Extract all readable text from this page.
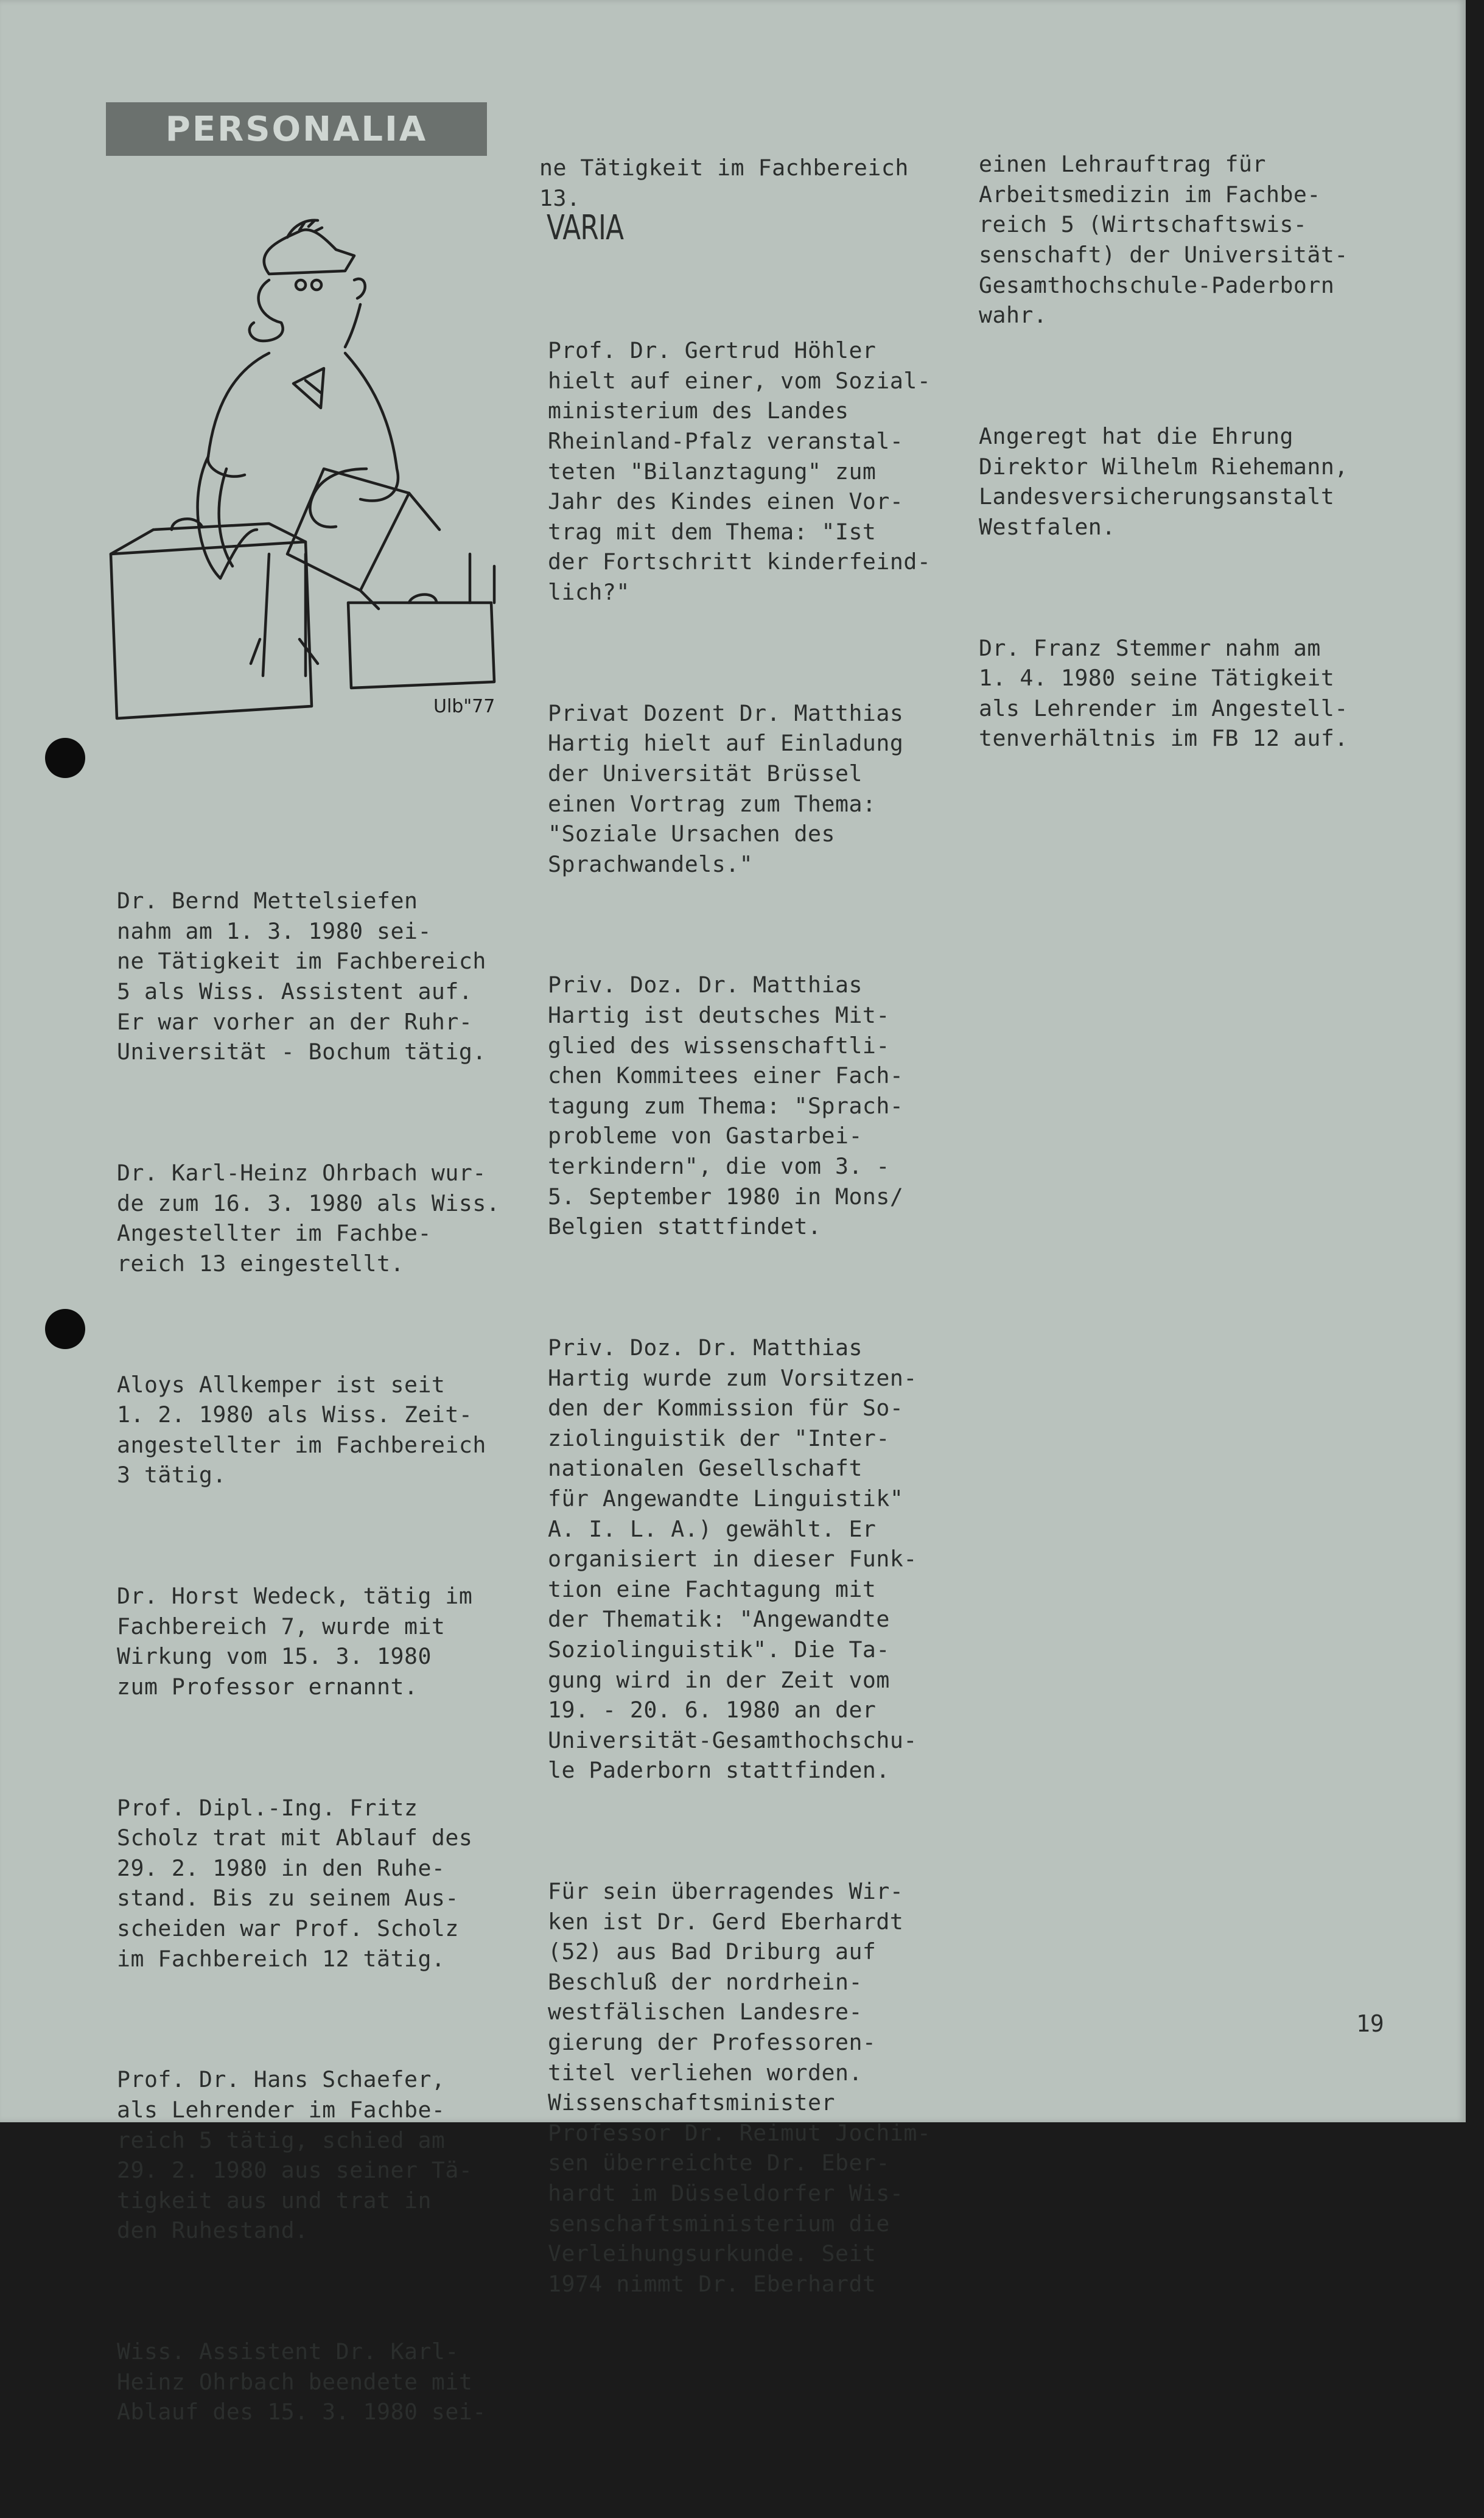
PERSONALIA
Ulb"77

Dr. Bernd Mettelsiefen
nahm am 1. 3. 1980 sei-
ne Tätigkeit im Fachbereich
5 als Wiss. Assistent auf.
Er war vorher an der Ruhr-
Universität - Bochum tätig.

Dr. Karl-Heinz Ohrbach wur-
de zum 16. 3. 1980 als Wiss.
Angestellter im Fachbe-
reich 13 eingestellt.

Aloys Allkemper ist seit
1. 2. 1980 als Wiss. Zeit-
angestellter im Fachbereich
3 tätig.

Dr. Horst Wedeck, tätig im
Fachbereich 7, wurde mit
Wirkung vom 15. 3. 1980
zum Professor ernannt.

Prof. Dipl.-Ing. Fritz
Scholz trat mit Ablauf des
29. 2. 1980 in den Ruhe-
stand. Bis zu seinem Aus-
scheiden war Prof. Scholz
im Fachbereich 12 tätig.

Prof. Dr. Hans Schaefer,
als Lehrender im Fachbe-
reich 5 tätig, schied am
29. 2. 1980 aus seiner Tä-
tigkeit aus und trat in
den Ruhestand.

Wiss. Assistent Dr. Karl-
Heinz Ohrbach beendete mit
Ablauf des 15. 3. 1980 sei-

ne Tätigkeit im Fachbereich
13.

VARIA

Prof. Dr. Gertrud Höhler
hielt auf einer, vom Sozial-
ministerium des Landes
Rheinland-Pfalz veranstal-
teten "Bilanztagung" zum
Jahr des Kindes einen Vor-
trag mit dem Thema: "Ist
der Fortschritt kinderfeind-
lich?"

Privat Dozent Dr. Matthias
Hartig hielt auf Einladung
der Universität Brüssel
einen Vortrag zum Thema:
"Soziale Ursachen des
Sprachwandels."

Priv. Doz. Dr. Matthias
Hartig ist deutsches Mit-
glied des wissenschaftli-
chen Kommitees einer Fach-
tagung zum Thema: "Sprach-
probleme von Gastarbei-
terkindern", die vom 3. -
5. September 1980 in Mons/
Belgien stattfindet.

Priv. Doz. Dr. Matthias
Hartig wurde zum Vorsitzen-
den der Kommission für So-
ziolinguistik der "Inter-
nationalen Gesellschaft
für Angewandte Linguistik"
A. I. L. A.) gewählt. Er
organisiert in dieser Funk-
tion eine Fachtagung mit
der Thematik: "Angewandte
Soziolinguistik". Die Ta-
gung wird in der Zeit vom
19. - 20. 6. 1980 an der
Universität-Gesamthochschu-
le Paderborn stattfinden.

Für sein überragendes Wir-
ken ist Dr. Gerd Eberhardt
(52) aus Bad Driburg auf
Beschluß der nordrhein-
westfälischen Landesre-
gierung der Professoren-
titel verliehen worden.
Wissenschaftsminister
Professor Dr. Reimut Jochim-
sen überreichte Dr. Eber-
hardt im Düsseldorfer Wis-
senschaftsministerium die
Verleihungsurkunde. Seit
1974 nimmt Dr. Eberhardt

einen Lehrauftrag für
Arbeitsmedizin im Fachbe-
reich 5 (Wirtschaftswis-
senschaft) der Universität-
Gesamthochschule-Paderborn
wahr.

Angeregt hat die Ehrung
Direktor Wilhelm Riehemann,
Landesversicherungsanstalt
Westfalen.

Dr. Franz Stemmer nahm am
1. 4. 1980 seine Tätigkeit
als Lehrender im Angestell-
tenverhältnis im FB 12 auf.

19
